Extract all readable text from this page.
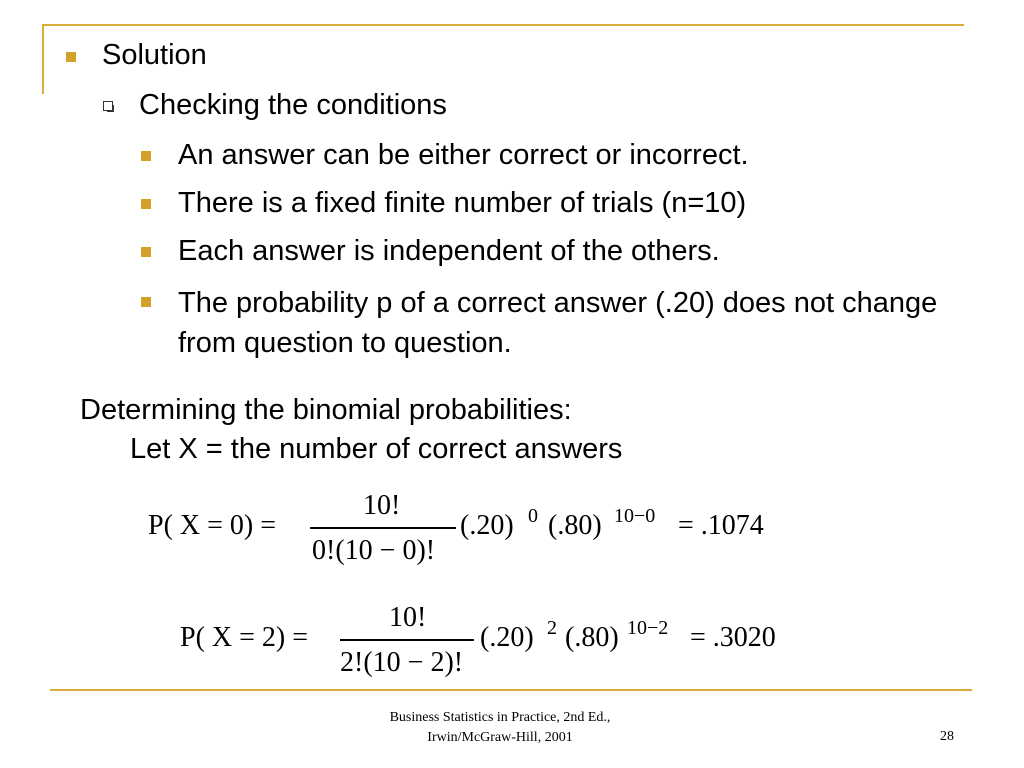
Solution
Checking the conditions
An answer can be either correct or incorrect.
There is a fixed finite number of trials (n=10)
Each answer is independent of the others.
The probability p of a correct answer (.20) does not change from question to question.
Determining the binomial probabilities:
Let X = the number of correct answers
P( X = 0) =
10!
0!(10 − 0)!
(.20) 0 (.80) 10−0 = .1074
P( X = 2) =
10!
2!(10 − 2)!
(.20) 2 (.80) 10−2 = .3020
Business Statistics in Practice, 2nd Ed.,
Irwin/McGraw-Hill, 2001	28
